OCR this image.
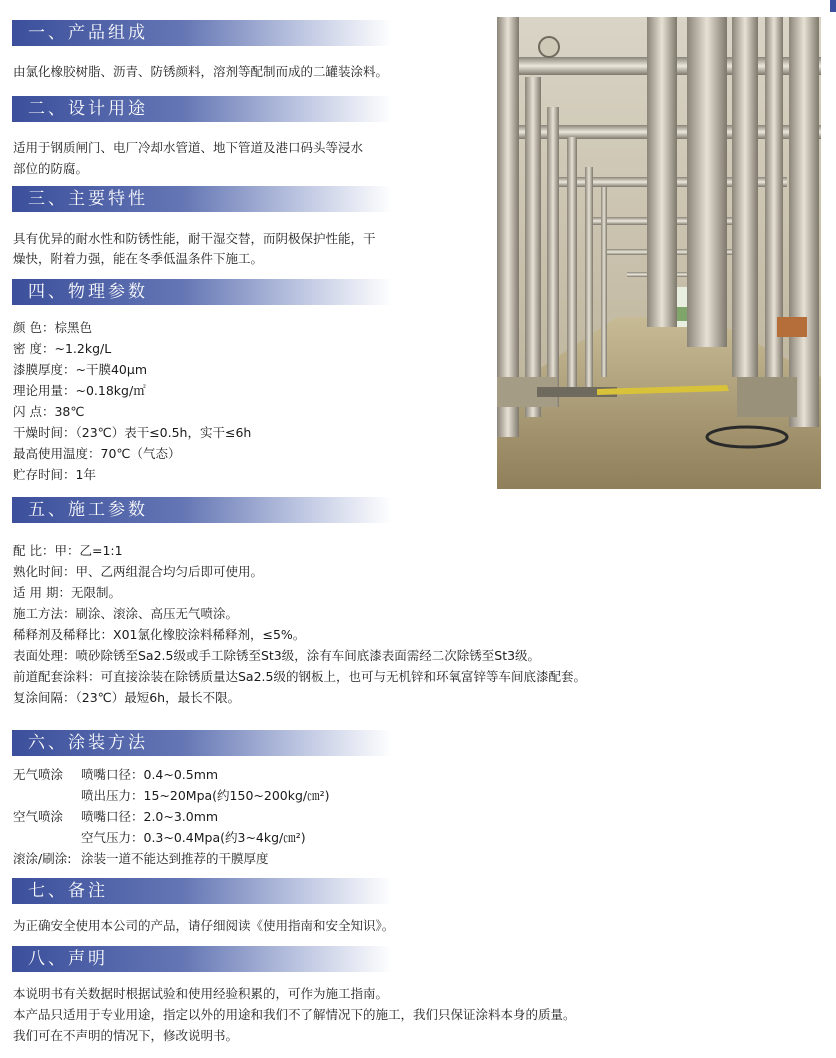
一、产品组成
由氯化橡胶树脂、沥青、防锈颜料，溶剂等配制而成的二罐装涂料。
二、设计用途
适用于钢质闸门、电厂冷却水管道、地下管道及港口码头等浸水
部位的防腐。
三、主要特性
具有优异的耐水性和防锈性能，耐干湿交替，而阴极保护性能，干
燥快，附着力强，能在冬季低温条件下施工。
四、物理参数
颜 色：棕黑色
密 度：~1.2kg/L
漆膜厚度：~干膜40μm
理论用量：~0.18kg/㎡
闪 点：38℃
干燥时间：（23℃）表干≤0.5h，实干≤6h
最高使用温度：70℃（气态）
贮存时间：1年
五、施工参数
配 比：甲：乙=1:1
熟化时间：甲、乙两组混合均匀后即可使用。
适 用 期：无限制。
施工方法：刷涂、滚涂、高压无气喷涂。
稀释剂及稀释比：X01氯化橡胶涂料稀释剂，≤5%。
表面处理：喷砂除锈至Sa2.5级或手工除锈至St3级，涂有车间底漆表面需经二次除锈至St3级。
前道配套涂料：可直接涂装在除锈质量达Sa2.5级的钢板上，也可与无机锌和环氧富锌等车间底漆配套。
复涂间隔：（23℃）最短6h，最长不限。
六、涂装方法
无气喷涂 喷嘴口径：0.4~0.5mm
喷出压力：15~20Mpa(约150~200kg/㎝²)
空气喷涂 喷嘴口径：2.0~3.0mm
空气压力：0.3~0.4Mpa(约3~4kg/㎝²)
滚涂/刷涂: 涂装一道不能达到推荐的干膜厚度
七、备注
为正确安全使用本公司的产品，请仔细阅读《使用指南和安全知识》。
八、声明
本说明书有关数据时根据试验和使用经验积累的，可作为施工指南。
本产品只适用于专业用途，指定以外的用途和我们不了解情况下的施工，我们只保证涂料本身的质量。
我们可在不声明的情况下，修改说明书。
